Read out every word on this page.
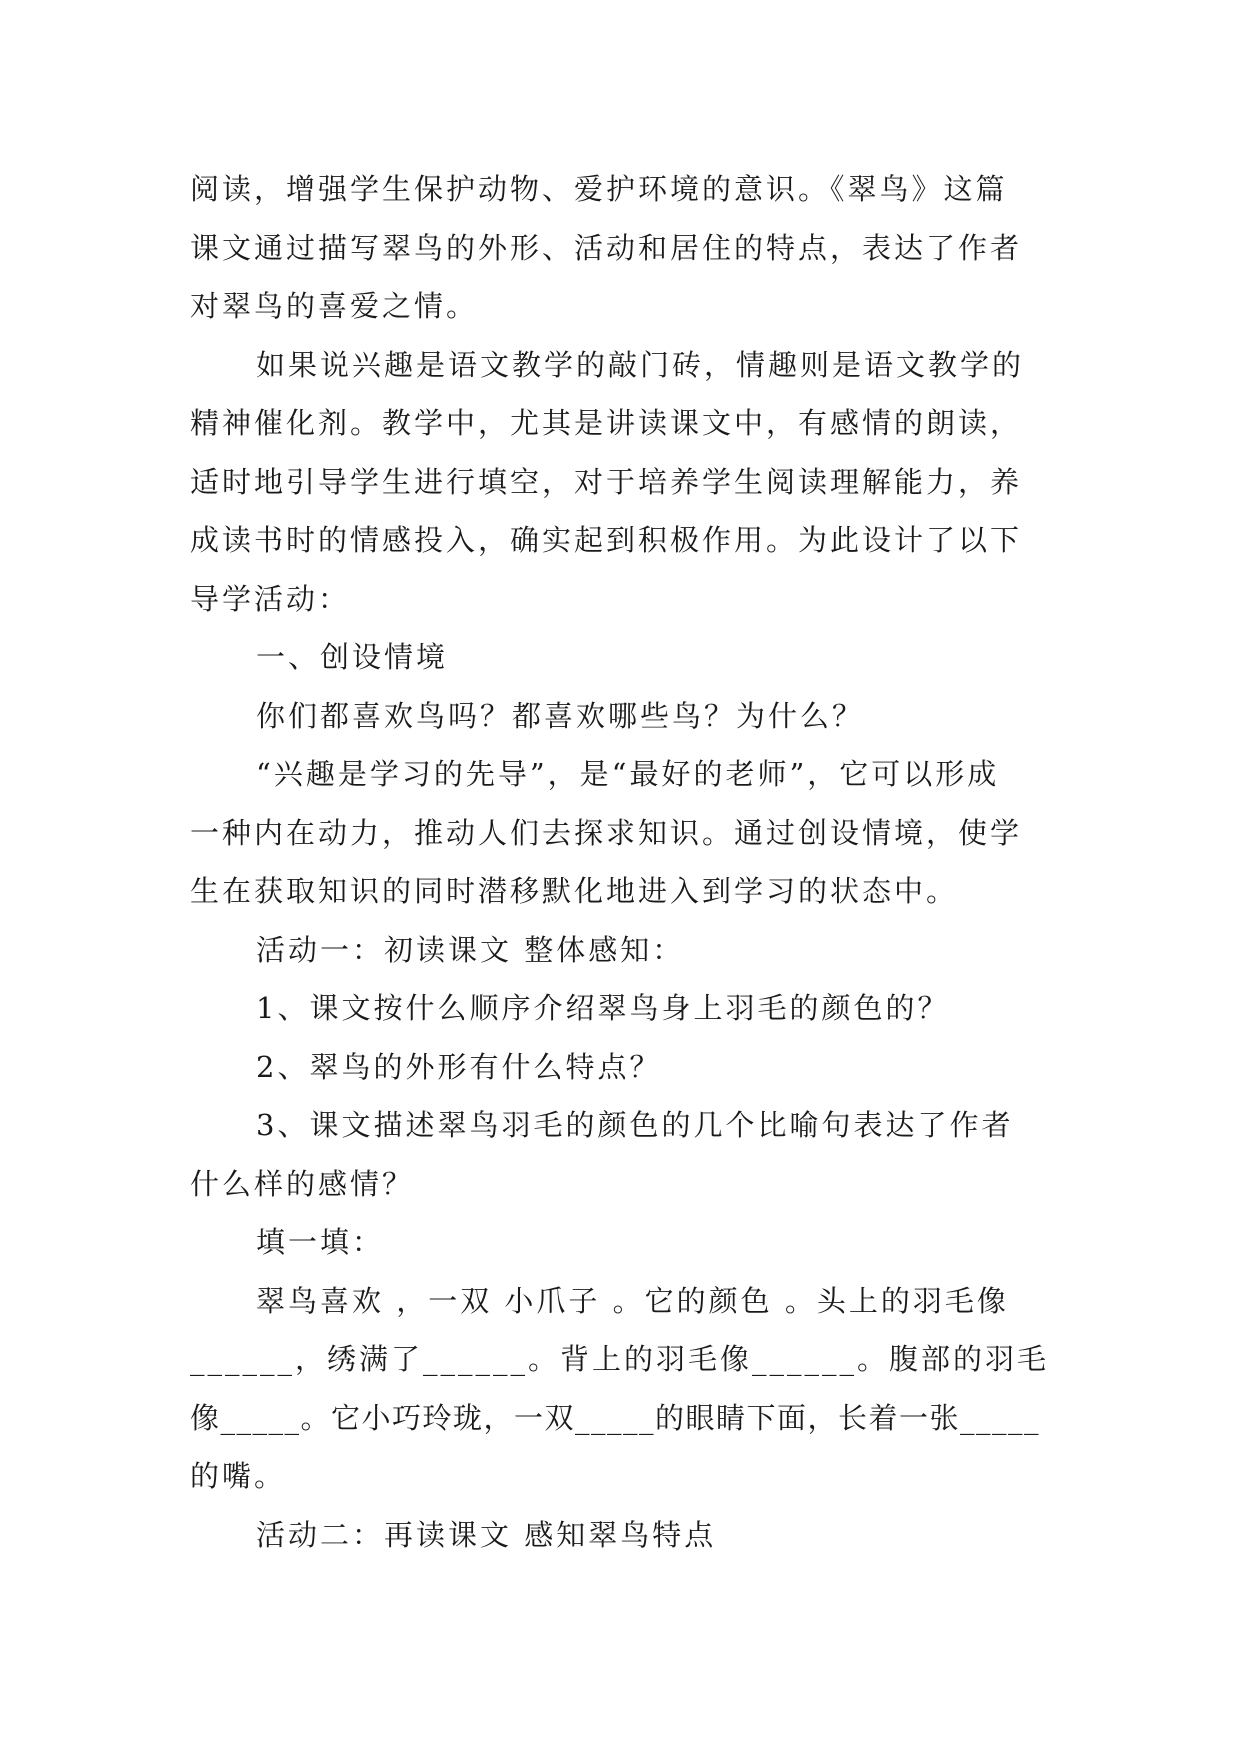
阅读，增强学生保护动物、爱护环境的意识。《翠鸟》这篇
课文通过描写翠鸟的外形、活动和居住的特点，表达了作者
对翠鸟的喜爱之情。
如果说兴趣是语文教学的敲门砖，情趣则是语文教学的
精神催化剂。教学中，尤其是讲读课文中，有感情的朗读，
适时地引导学生进行填空，对于培养学生阅读理解能力，养
成读书时的情感投入，确实起到积极作用。为此设计了以下
导学活动：
一、创设情境
你们都喜欢鸟吗？都喜欢哪些鸟？为什么？
“兴趣是学习的先导”，是“最好的老师”，它可以形成
一种内在动力，推动人们去探求知识。通过创设情境，使学
生在获取知识的同时潜移默化地进入到学习的状态中。
活动一：初读课文 整体感知：
1、课文按什么顺序介绍翠鸟身上羽毛的颜色的？
2、翠鸟的外形有什么特点？
3、课文描述翠鸟羽毛的颜色的几个比喻句表达了作者
什么样的感情？
填一填：
翠鸟喜欢 ，一双 小爪子 。它的颜色 。头上的羽毛像
______，绣满了______。背上的羽毛像______。腹部的羽毛
像_____。它小巧玲珑，一双_____的眼睛下面，长着一张_____
的嘴。
活动二：再读课文 感知翠鸟特点
